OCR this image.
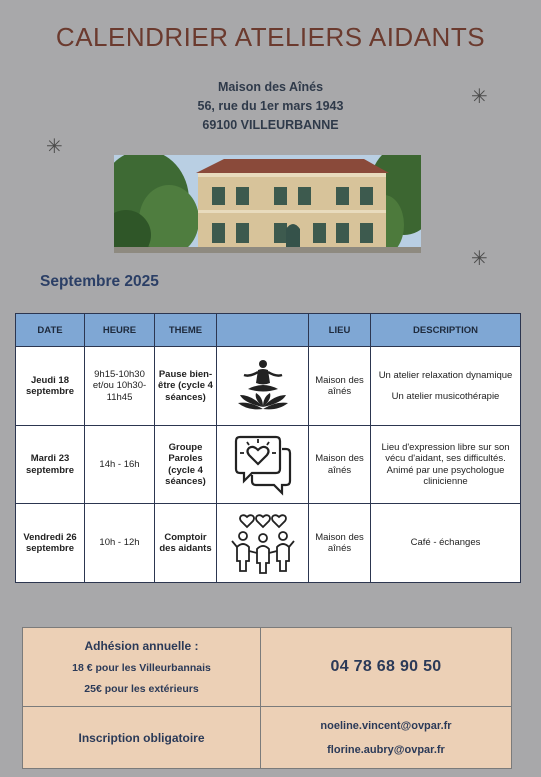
CALENDRIER ATELIERS AIDANTS
Maison des Aînés
56, rue du 1er mars 1943
69100 VILLEURBANNE
✳
✳
✳
Septembre 2025
DATE	HEURE	THEME		LIEU	DESCRIPTION
Jeudi 18 septembre	9h15-10h30 et/ou 10h30-11h45	Pause bien-être (cycle 4 séances)		Maison des aînés	Un atelier relaxation dynamique

Un atelier musicothérapie

Mardi 23 septembre	14h - 16h	Groupe Paroles (cycle 4 séances)		Maison des aînés	Lieu d'expression libre sur son vécu d'aidant, ses difficultés. Animé par une psychologue clinicienne

Vendredi 26 septembre	10h - 12h	Comptoir des aidants		Maison des aînés	Café - échanges

Adhésion annuelle :
18 € pour les Villeurbannais
25€ pour les extérieurs	04 78 68 90 50

Inscription obligatoire	noeline.vincent@ovpar.fr
florine.aubry@ovpar.fr
